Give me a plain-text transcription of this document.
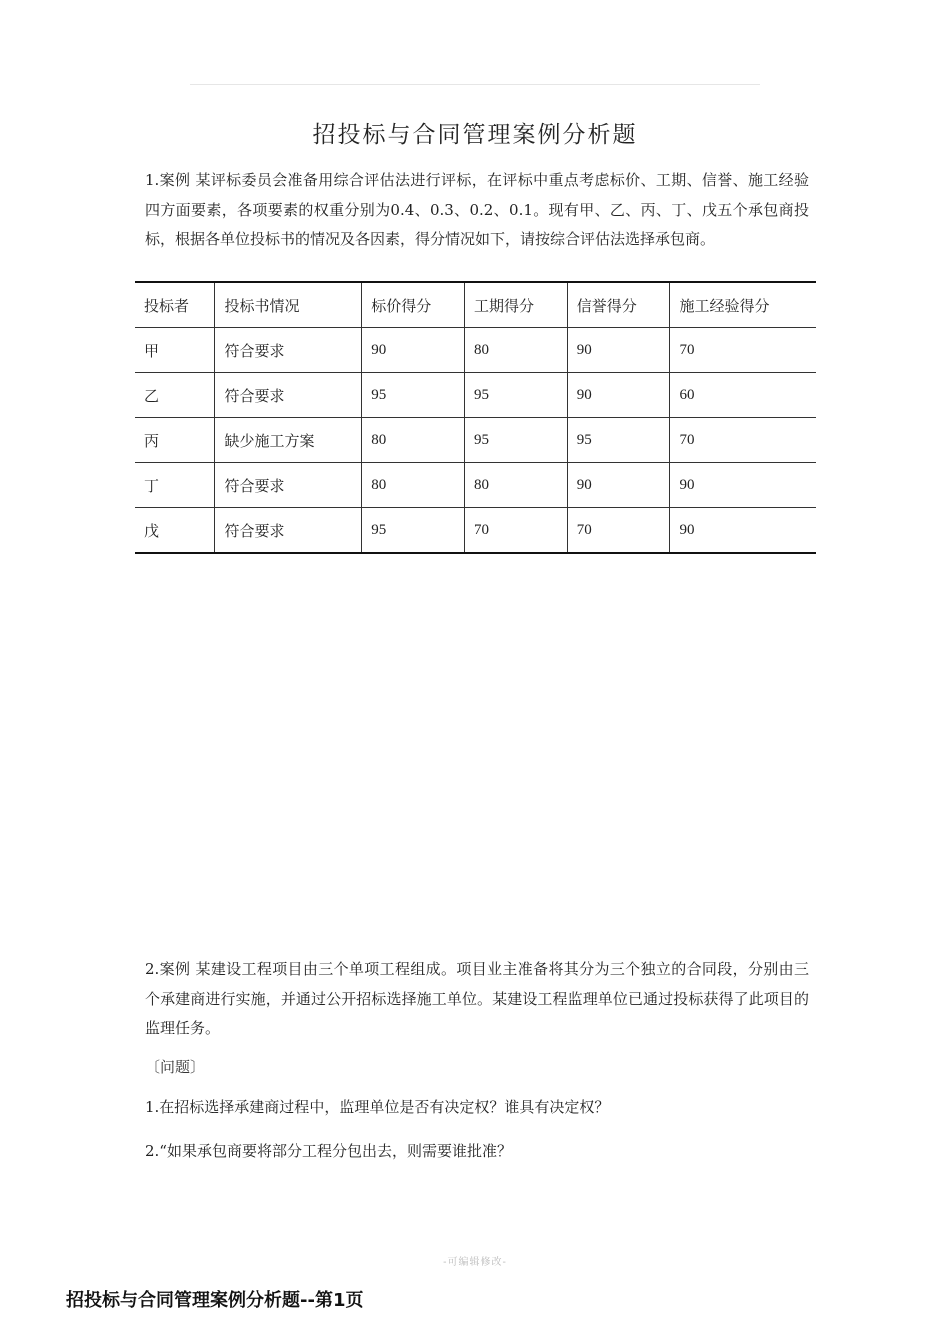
招投标与合同管理案例分析题
1.案例 某评标委员会准备用综合评估法进行评标，在评标中重点考虑标价、工期、信誉、施工经验四方面要素，各项要素的权重分别为0.4、0.3、0.2、0.1。现有甲、乙、丙、丁、戊五个承包商投标，根据各单位投标书的情况及各因素，得分情况如下，请按综合评估法选择承包商。
投标者	投标书情况	标价得分	工期得分	信誉得分	施工经验得分
甲	符合要求	90	80	90	70
乙	符合要求	95	95	90	60
丙	缺少施工方案	80	95	95	70
丁	符合要求	80	80	90	90
戊	符合要求	95	70	70	90
2.案例 某建设工程项目由三个单项工程组成。项目业主准备将其分为三个独立的合同段，分别由三个承建商进行实施，并通过公开招标选择施工单位。某建设工程监理单位已通过投标获得了此项目的监理任务。
〔问题〕
1.在招标选择承建商过程中，监理单位是否有决定权？谁具有决定权？
2.“如果承包商要将部分工程分包出去，则需要谁批准？
-可编辑修改-
招投标与合同管理案例分析题--第1页
